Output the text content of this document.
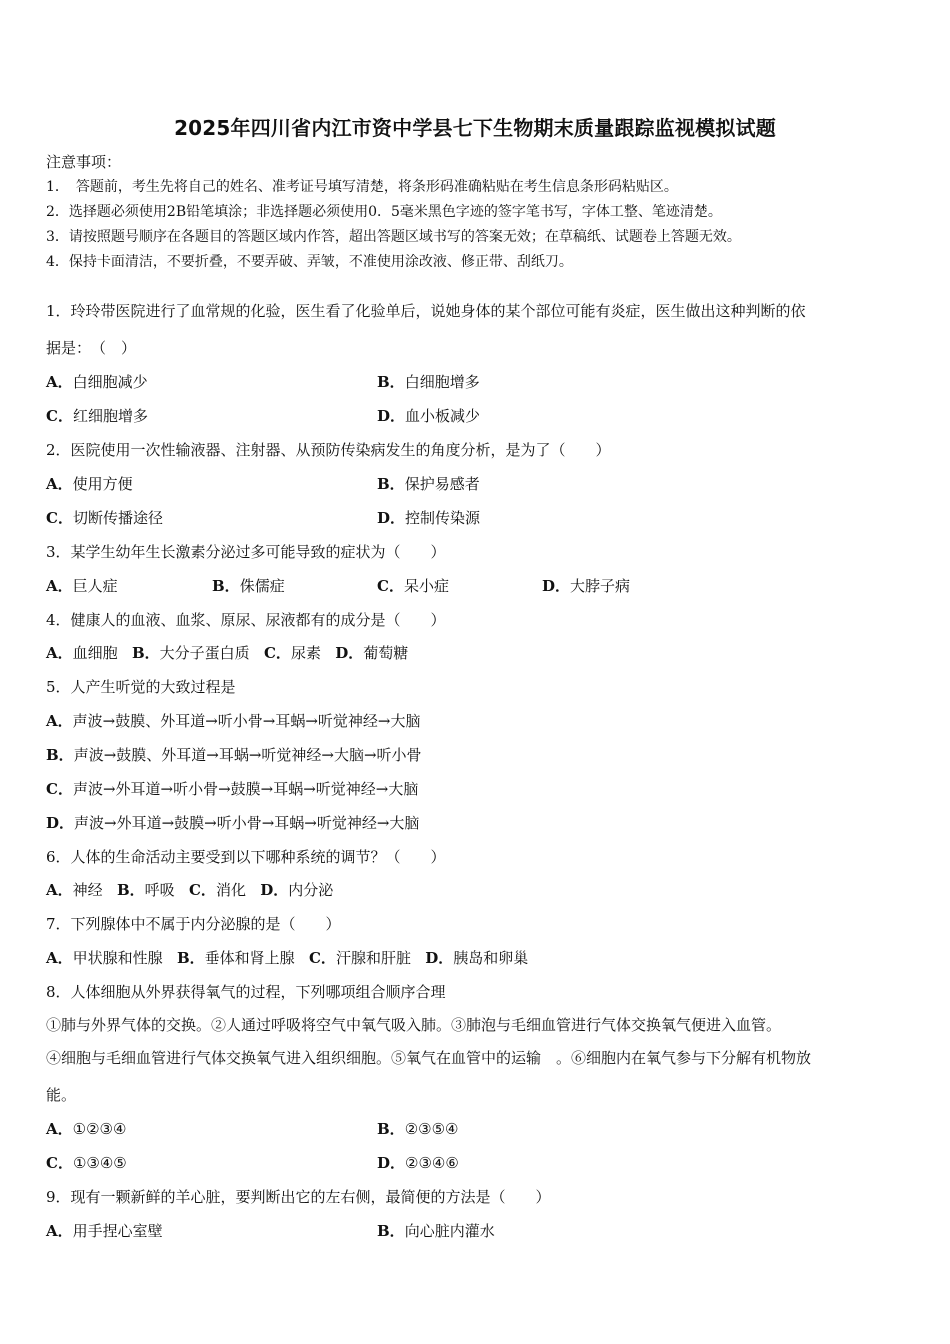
2025年四川省内江市资中学县七下生物期末质量跟踪监视模拟试题
注意事项：
1．　答题前，考生先将自己的姓名、准考证号填写清楚，将条形码准确粘贴在考生信息条形码粘贴区。
2．选择题必须使用2B铅笔填涂；非选择题必须使用0．5毫米黑色字迹的签字笔书写，字体工整、笔迹清楚。
3．请按照题号顺序在各题目的答题区域内作答，超出答题区域书写的答案无效；在草稿纸、试题卷上答题无效。
4．保持卡面清洁，不要折叠，不要弄破、弄皱，不准使用涂改液、修正带、刮纸刀。
1．玲玲带医院进行了血常规的化验，医生看了化验单后，说她身体的某个部位可能有炎症，医生做出这种判断的依
据是：　（　）
A．白细胞减少	B．白细胞增多
C．红细胞增多	D．血小板减少
2．医院使用一次性输液器、注射器、从预防传染病发生的角度分析，是为了（　　）
A．使用方便	B．保护易感者
C．切断传播途径	D．控制传染源
3．某学生幼年生长激素分泌过多可能导致的症状为（　　）
A．巨人症	B．侏儒症	C．呆小症	D．大脖子病
4．健康人的血液、血浆、原尿、尿液都有的成分是（　　）
A．血细胞 B．大分子蛋白质 C．尿素 D．葡萄糖
5．人产生听觉的大致过程是
A．声波→鼓膜、外耳道→听小骨→耳蜗→听觉神经→大脑
B．声波→鼓膜、外耳道→耳蜗→听觉神经→大脑→听小骨
C．声波→外耳道→听小骨→鼓膜→耳蜗→听觉神经→大脑
D．声波→外耳道→鼓膜→听小骨→耳蜗→听觉神经→大脑
6．人体的生命活动主要受到以下哪种系统的调节？（　　）
A．神经 B．呼吸 C．消化 D．内分泌
7．下列腺体中不属于内分泌腺的是（　　）
A．甲状腺和性腺 B．垂体和肾上腺 C．汗腺和肝脏 D．胰岛和卵巢
8．人体细胞从外界获得氧气的过程，下列哪项组合顺序合理
①肺与外界气体的交换。②人通过呼吸将空气中氧气吸入肺。③肺泡与毛细血管进行气体交换氧气便进入血管。
④细胞与毛细血管进行气体交换氧气进入组织细胞。⑤氧气在血管中的运输　。⑥细胞内在氧气参与下分解有机物放
能。
A．①②③④	B．②③⑤④
C．①③④⑤	D．②③④⑥
9．现有一颗新鲜的羊心脏，要判断出它的左右侧，最简便的方法是（　　）
A．用手捏心室壁	B．向心脏内灌水
